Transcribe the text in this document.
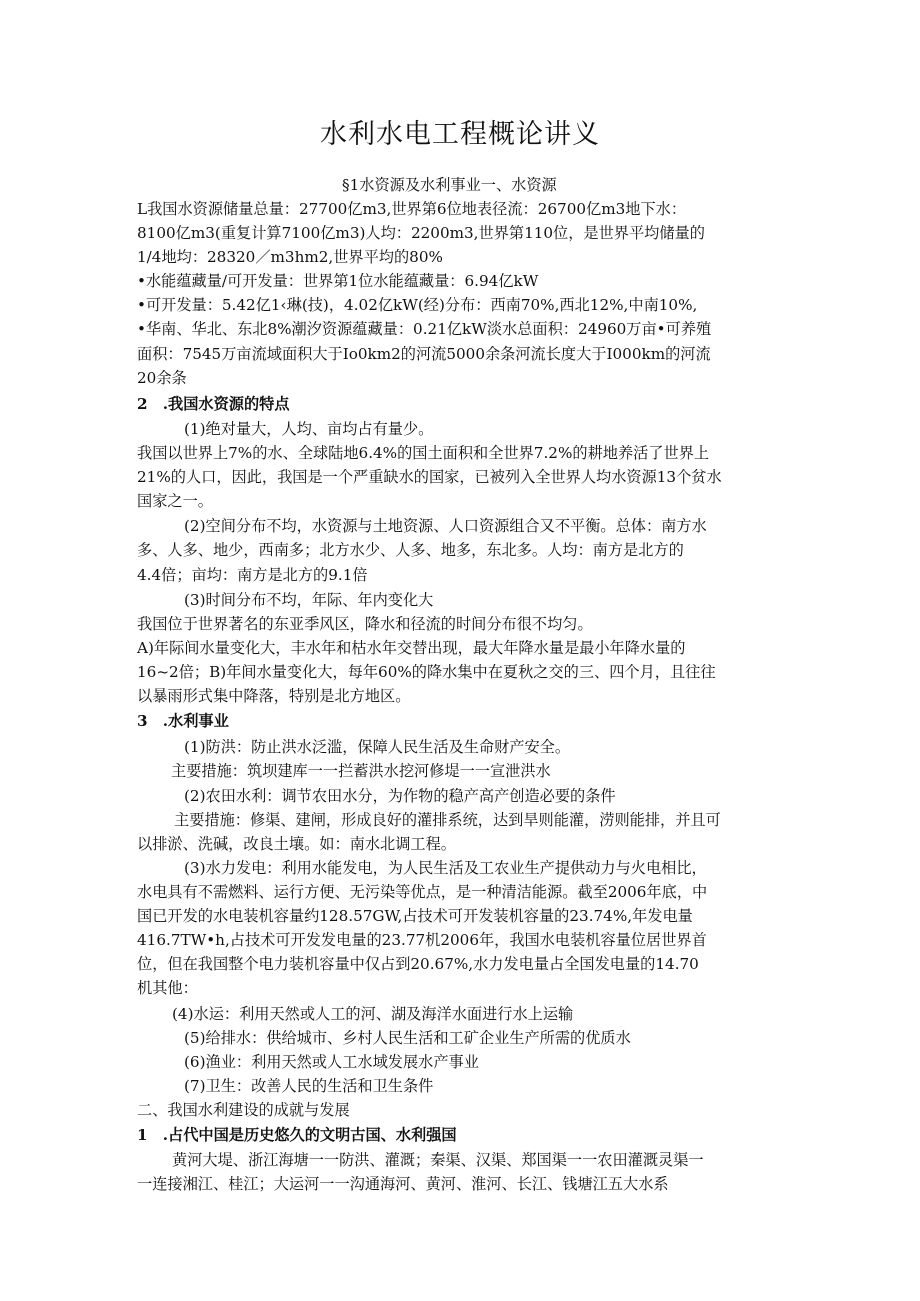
水利水电工程概论讲义
§1水资源及水利事业一、水资源
L我国水资源储量总量：27700亿m3,世界第6位地表径流：26700亿m3地下水：
8100亿m3(重复计算7100亿m3)人均：2200m3,世界第110位，是世界平均储量的
1/4地均：28320／m3hm2,世界平均的80%
•水能蕴藏量/可开发量：世界第1位水能蕴藏量：6.94亿kW
•可开发量：5.42亿1‹琳(技)，4.02亿kW(经)分布：西南70%,西北12%,中南10%,
•华南、华北、东北8%潮汐资源蕴藏量：0.21亿kW淡水总面积：24960万亩•可养殖
面积：7545万亩流域面积大于Io0km2的河流5000余条河流长度大于I000km的河流
20余条
2　.我国水资源的特点
(1)绝对量大，人均、亩均占有量少。
我国以世界上7%的水、全球陆地6.4%的国土面积和全世界7.2%的耕地养活了世界上
21%的人口，因此，我国是一个严重缺水的国家，已被列入全世界人均水资源13个贫水
国家之一。
(2)空间分布不均，水资源与土地资源、人口资源组合又不平衡。总体：南方水
多、人多、地少，西南多；北方水少、人多、地多，东北多。人均：南方是北方的
4.4倍；亩均：南方是北方的9.1倍
(3)时间分布不均，年际、年内变化大
我国位于世界著名的东亚季风区，降水和径流的时间分布很不均匀。
A)年际间水量变化大，丰水年和枯水年交替出现，最大年降水量是最小年降水量的
16~2倍；B)年间水量变化大，每年60%的降水集中在夏秋之交的三、四个月，且往往
以暴雨形式集中降落，特别是北方地区。
3　.水利事业
(1)防洪：防止洪水泛滥，保障人民生活及生命财产安全。
主要措施：筑坝建库一一拦蓄洪水挖河修堤一一宣泄洪水
(2)农田水利：调节农田水分，为作物的稳产高产创造必要的条件
主要措施：修渠、建闸，形成良好的灌排系统，达到旱则能灌，涝则能排，并且可
以排淤、洗碱，改良土壤。如：南水北调工程。
(3)水力发电：利用水能发电，为人民生活及工农业生产提供动力与火电相比，
水电具有不需燃料、运行方便、无污染等优点，是一种清洁能源。截至2006年底，中
国已开发的水电装机容量约128.57GW,占技术可开发装机容量的23.74%,年发电量
416.7TW•h,占技术可开发发电量的23.77机2006年，我国水电装机容量位居世界首
位，但在我国整个电力装机容量中仅占到20.67%,水力发电量占全国发电量的14.70
机其他：
(4)水运：利用天然或人工的河、湖及海洋水面进行水上运输
(5)给排水：供给城市、乡村人民生活和工矿企业生产所需的优质水
(6)渔业：利用天然或人工水域发展水产事业
(7)卫生：改善人民的生活和卫生条件
二、我国水利建设的成就与发展
1　.占代中国是历史悠久的文明古国、水利强国
黄河大堤、浙江海塘一一防洪、灌溉；秦渠、汉渠、郑国渠一一农田灌溉灵渠一
一连接湘江、桂江；大运河一一沟通海河、黄河、淮河、长江、钱塘江五大水系
